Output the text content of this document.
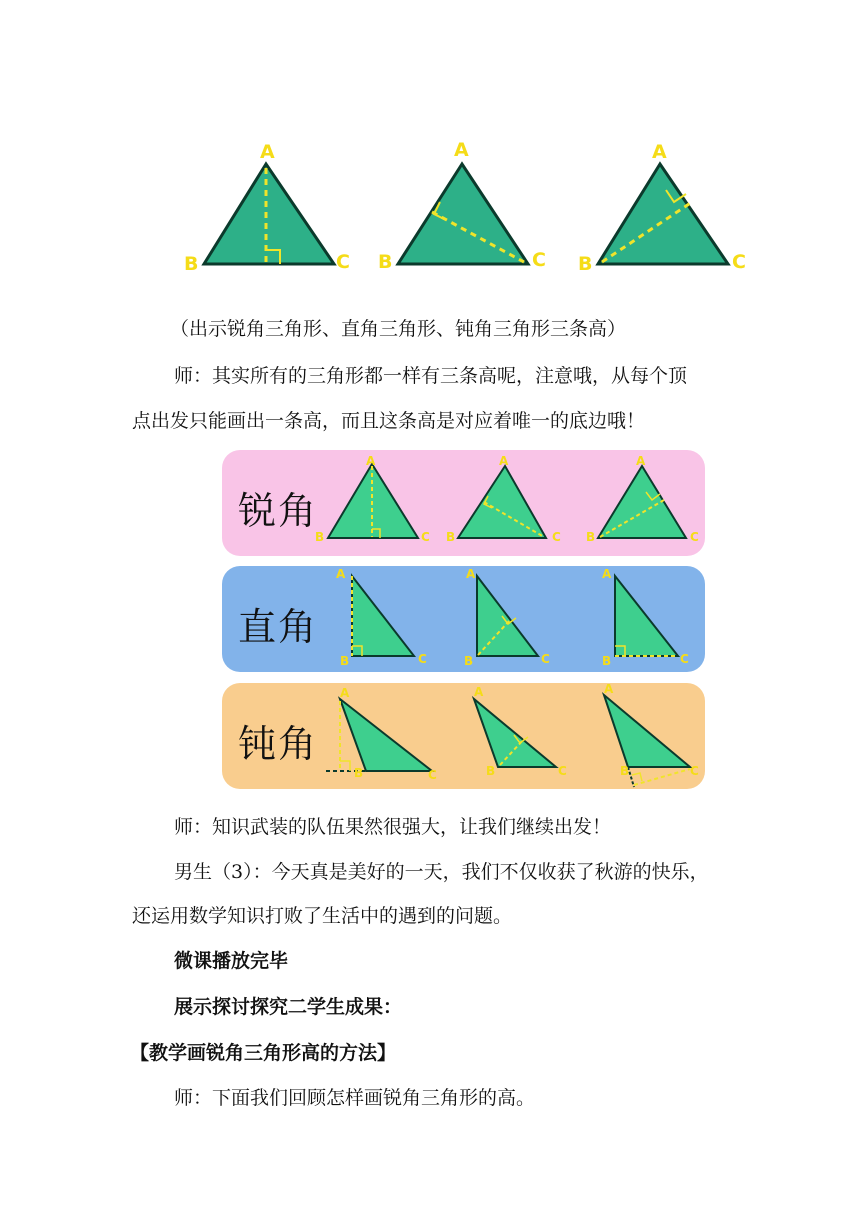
A
B	C
A
B	C
A
B	C
（出示锐角三角形、直角三角形、钝角三角形三条高）
师：其实所有的三角形都一样有三条高呢，注意哦，从每个顶
点出发只能画出一条高，而且这条高是对应着唯一的底边哦！
锐角
A
B	C
A
B	C
A
B	C
直角
A
B	C
A
B	C
A
B	C
钝角
A
B	C
A
B	C
A
B	C
师：知识武装的队伍果然很强大，让我们继续出发！
男生（3）：今天真是美好的一天，我们不仅收获了秋游的快乐，
还运用数学知识打败了生活中的遇到的问题。
微课播放完毕
展示探讨探究二学生成果：
【教学画锐角三角形高的方法】
师：下面我们回顾怎样画锐角三角形的高。
